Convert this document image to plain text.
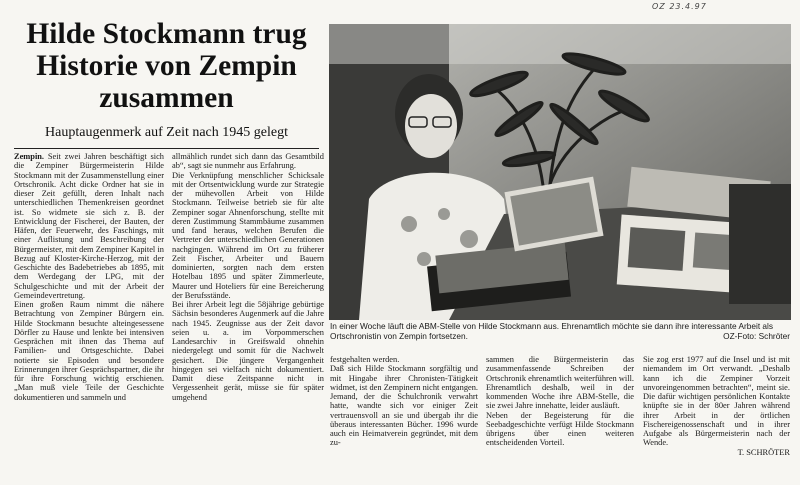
OZ 23.4.97
Hilde Stockmann trug Historie von Zempin zusammen
Hauptaugenmerk auf Zeit nach 1945 gelegt
Zempin. Seit zwei Jahren beschäftigt sich die Zempiner Bürgermeisterin Hilde Stockmann mit der Zusammenstellung einer Ortschronik. Acht dicke Ordner hat sie in dieser Zeit gefüllt, deren Inhalt nach unterschiedlichen Themenkreisen geordnet ist. So widmete sie sich z. B. der Entwicklung der Fischerei, der Bauten, der Häfen, der Feuerwehr, des Faschings, mit einer Auflistung und Beschreibung der Bürgermeister, mit dem Zempiner Kapitel in Bezug auf Kloster-Kirche-Herzog, mit der Geschichte des Badebetriebes ab 1895, mit dem Werdegang der LPG, mit der Schulgeschichte und mit der Arbeit der Gemeindevertretung.
Einen großen Raum nimmt die nähere Betrachtung von Zempiner Bürgern ein. Hilde Stockmann besuchte alteingesessene Dörfler zu Hause und lenkte bei intensiven Gesprächen mit ihnen das Thema auf Familien- und Ortsgeschichte. Dabei notierte sie Episoden und besondere Erinnerungen ihrer Gesprächspartner, die ihr für ihre Forschung wichtig erschienen. „Man muß viele Teile der Geschichte dokumentieren und sammeln und
allmählich rundet sich dann das Gesamtbild ab“, sagt sie nunmehr aus Erfahrung.
Die Verknüpfung menschlicher Schicksale mit der Ortsentwicklung wurde zur Strategie der mühevollen Arbeit von Hilde Stockmann. Teilweise betrieb sie für alte Zempiner sogar Ahnenforschung, stellte mit deren Zustimmung Stammbäume zusammen und fand heraus, welchen Berufen die Vertreter der unterschiedlichen Generationen nachgingen. Während im Ort zu früherer Zeit Fischer, Arbeiter und Bauern dominierten, sorgten nach dem ersten Hotelbau 1895 und später Zimmerleute, Maurer und Hoteliers für eine Bereicherung der Berufsstände.
Bei ihrer Arbeit legt die 58jährige gebürtige Sächsin besonderes Augenmerk auf die Jahre nach 1945. Zeugnisse aus der Zeit davor seien u. a. im Vorpommerschen Landesarchiv in Greifswald ohnehin niedergelegt und somit für die Nachwelt gesichert. Die jüngere Vergangenheit hingegen sei vielfach nicht dokumentiert. Damit diese Zeitspanne nicht in Vergessenheit gerät, müsse sie für später umgehend
In einer Woche läuft die ABM-Stelle von Hilde Stockmann aus. Ehrenamtlich möchte sie dann ihre interessante Arbeit als Ortschronistin von Zempin fortsetzen.	OZ-Foto: Schröter
festgehalten werden.
Daß sich Hilde Stockmann sorgfältig und mit Hingabe ihrer Chronisten-Tätigkeit widmet, ist den Zempinern nicht entgangen. Jemand, der die Schulchronik verwahrt hatte, wandte sich vor einiger Zeit vertrauensvoll an sie und übergab ihr die überaus interessanten Bücher. 1996 wurde auch ein Heimatverein gegründet, mit dem zu-
sammen die Bürgermeisterin das zusammenfassende Schreiben der Ortschronik ehrenamtlich weiterführen will. Ehrenamtlich deshalb, weil in der kommenden Woche ihre ABM-Stelle, die sie zwei Jahre innehatte, leider ausläuft.
Neben der Begeisterung für die Seebadgeschichte verfügt Hilde Stockmann übrigens über einen weiteren entscheidenden Vorteil.
Sie zog erst 1977 auf die Insel und ist mit niemandem im Ort verwandt. „Deshalb kann ich die Zempiner Vorzeit unvoreingenommen betrachten“, meint sie. Die dafür wichtigen persönlichen Kontakte knüpfte sie in der 80er Jahren während ihrer Arbeit in der örtlichen Fischereigenossenschaft und in ihrer Aufgabe als Bürgermeisterin nach der Wende.
T. SCHRÖTER
